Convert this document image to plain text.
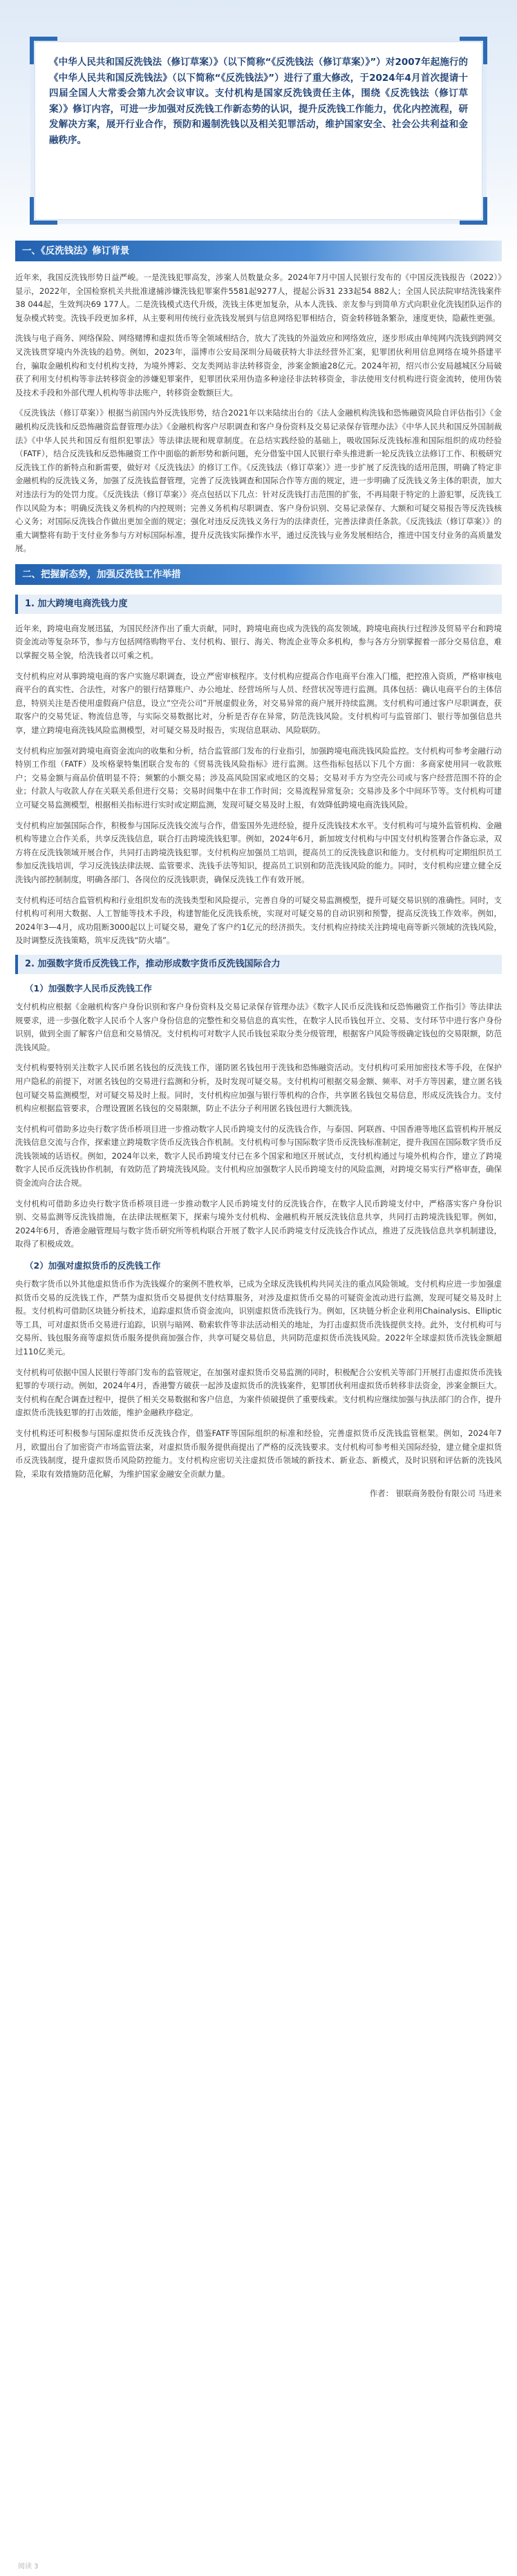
《中华人民共和国反洗钱法（修订草案）》（以下简称“《反洗钱法（修订草案）》”）对2007年起施行的《中华人民共和国反洗钱法》（以下简称“《反洗钱法》”）进行了重大修改，于2024年4月首次提请十四届全国人大常委会第九次会议审议。支付机构是国家反洗钱责任主体，围绕《反洗钱法（修订草案）》修订内容，可进一步加强对反洗钱工作新态势的认识，提升反洗钱工作能力，优化内控流程，研发解决方案，展开行业合作，预防和遏制洗钱以及相关犯罪活动，维护国家安全、社会公共利益和金融秩序。

一、《反洗钱法》修订背景

近年来，我国反洗钱形势日益严峻。一是洗钱犯罪高发，涉案人员数量众多。2024年7月中国人民银行发布的《中国反洗钱报告（2022）》显示，2022年，全国检察机关共批准逮捕涉嫌洗钱犯罪案件5581起9277人，提起公诉31 233起54 882人；全国人民法院审结洗钱案件38 044起，生效判决69 177人。二是洗钱模式迭代升级，洗钱主体更加复杂，从本人洗钱、亲友参与到简单方式向职业化洗钱团队运作的复杂模式转变。洗钱手段更加多样，从主要利用传统行业洗钱发展到与信息网络犯罪相结合，资金转移链条繁杂，速度更快，隐蔽性更强。

洗钱与电子商务、网络保险、网络赌博和虚拟货币等全领域相结合，放大了洗钱的外溢效应和网络效应，逐步形成由单纯网内洗钱到跨网交叉洗钱贯穿境内外洗钱的趋势。例如，2023年，淄博市公安局深圳分局破获特大非法经营外汇案，犯罪团伙利用信息网络在境外搭建平台，骗取金融机构和支付机构支持，为境外博彩、交友类网站非法转移资金，涉案金额逾28亿元。2024年初，绍兴市公安局越城区分局破获了利用支付机构等非法转移资金的涉嫌犯罪案件，犯罪团伙采用伪造多种途径非法转移资金，非法使用支付机构进行资金流转，使用伪装及技术手段和外部代理人机构等非法账户，转移资金数额巨大。

《反洗钱法（修订草案）》根据当前国内外反洗钱形势，结合2021年以来陆续出台的《法人金融机构洗钱和恐怖融资风险自评估指引》《金融机构反洗钱和反恐怖融资监督管理办法》《金融机构客户尽职调查和客户身份资料及交易记录保存管理办法》《中华人民共和国反外国制裁法》《中华人民共和国反有组织犯罪法》等法律法规和规章制度。在总结实践经验的基础上，吸收国际反洗钱标准和国际组织的成功经验（FATF），结合反洗钱和反恐怖融资工作中面临的新形势和新问题，充分借鉴中国人民银行牵头推进新一轮反洗钱立法修订工作、积极研究反洗钱工作的新特点和新需要，做好对《反洗钱法》的修订工作。《反洗钱法（修订草案）》进一步扩展了反洗钱的适用范围，明确了特定非金融机构的反洗钱义务，加强了反洗钱监督管理，完善了反洗钱调查和国际合作等方面的规定，进一步明确了反洗钱义务主体的职责，加大对违法行为的处罚力度。《反洗钱法（修订草案）》亮点包括以下几点：针对反洗钱打击范围的扩张，不再局限于特定的上游犯罪，反洗钱工作以风险为本；明确反洗钱义务机构的内控规则；完善义务机构尽职调查、客户身份识别、交易记录保存、大额和可疑交易报告等反洗钱核心义务；对国际反洗钱合作做出更加全面的规定；强化对违反反洗钱义务行为的法律责任，完善法律责任条款。《反洗钱法（修订草案）》的重大调整将有助于支付业务参与方对标国际标准，提升反洗钱实际操作水平，通过反洗钱与业务发展相结合，推进中国支付业务的高质量发展。

二、把握新态势，加强反洗钱工作举措
1. 加大跨境电商洗钱力度

近年来，跨境电商发展迅猛，为国民经济作出了重大贡献，同时，跨境电商也成为洗钱的高发领域。跨境电商执行过程涉及贸易平台和跨境资金流动等复杂环节，参与方包括网络购物平台、支付机构、银行、海关、物流企业等众多机构，参与各方分别掌握着一部分交易信息，难以掌握交易全貌，给洗钱者以可乘之机。

支付机构应对从事跨境电商的客户实施尽职调查，设立严密审核程序。支付机构应提高合作电商平台准入门槛，把控准入资质，严格审核电商平台的真实性、合法性，对客户的银行结算账户、办公地址、经营场所与人员、经营状况等进行监测。具体包括：确认电商平台的主体信息，特别关注是否使用虚假商户信息，设立“空壳公司”开展虚假业务，对交易异常的商户展开持续监测。支付机构可通过客户尽职调查，获取客户的交易凭证、物流信息等，与实际交易数据比对，分析是否存在异常，防范洗钱风险。支付机构可与监管部门、银行等加强信息共享，建立跨境电商洗钱风险监测模型，对可疑交易及时报告，实现信息联动、风险联防。

支付机构应加强对跨境电商资金流向的收集和分析，结合监管部门发布的行业指引，加强跨境电商洗钱风险监控。支付机构可参考金融行动特别工作组（FATF）及埃格蒙特集团联合发布的《贸易洗钱风险指标》进行监测。这些指标包括以下几个方面：多商家使用同一收款账户；交易金额与商品价值明显不符；频繁的小额交易；涉及高风险国家或地区的交易；交易对手方为空壳公司或与客户经营范围不符的企业；付款人与收款人存在关联关系但进行交易；交易时间集中在非工作时间；交易流程异常复杂；交易涉及多个中间环节等。支付机构可建立可疑交易监测模型，根据相关指标进行实时或定期监测，发现可疑交易及时上报，有效降低跨境电商洗钱风险。

支付机构应加强国际合作，积极参与国际反洗钱交流与合作，借鉴国外先进经验，提升反洗钱技术水平。支付机构可与境外监管机构、金融机构等建立合作关系，共享反洗钱信息，联合打击跨境洗钱犯罪。例如，2024年6月，新加坡支付机构与中国支付机构签署合作备忘录，双方将在反洗钱领域开展合作，共同打击跨境洗钱犯罪。支付机构应加强员工培训，提高员工的反洗钱意识和能力。支付机构可定期组织员工参加反洗钱培训，学习反洗钱法律法规、监管要求、洗钱手法等知识，提高员工识别和防范洗钱风险的能力。同时，支付机构应建立健全反洗钱内部控制制度，明确各部门、各岗位的反洗钱职责，确保反洗钱工作有效开展。

支付机构还可结合监管机构和行业组织发布的洗钱类型和风险提示，完善自身的可疑交易监测模型，提升可疑交易识别的准确性。同时，支付机构可利用大数据、人工智能等技术手段，构建智能化反洗钱系统，实现对可疑交易的自动识别和预警，提高反洗钱工作效率。例如，2024年3—4月，成功阻断3000起以上可疑交易，避免了客户约1亿元的经济损失。支付机构应持续关注跨境电商等新兴领域的洗钱风险，及时调整反洗钱策略，筑牢反洗钱“防火墙”。

2. 加强数字货币反洗钱工作，推动形成数字货币反洗钱国际合力
（1）加强数字人民币反洗钱工作

支付机构应根据《金融机构客户身份识别和客户身份资料及交易记录保存管理办法》《数字人民币反洗钱和反恐怖融资工作指引》等法律法规要求，进一步强化数字人民币个人客户身份信息的完整性和交易信息的真实性，在数字人民币钱包开立、交易、支付环节中进行客户身份识别，做到全面了解客户信息和交易情况。支付机构可对数字人民币钱包采取分类分级管理，根据客户风险等级确定钱包的交易限额，防范洗钱风险。

支付机构要特别关注数字人民币匿名钱包的反洗钱工作，谨防匿名钱包用于洗钱和恐怖融资活动。支付机构可采用加密技术等手段，在保护用户隐私的前提下，对匿名钱包的交易进行监测和分析，及时发现可疑交易。支付机构可根据交易金额、频率、对手方等因素，建立匿名钱包可疑交易监测模型，对可疑交易及时上报。同时，支付机构应加强与银行等机构的合作，共享匿名钱包交易信息，形成反洗钱合力。支付机构应根据监管要求，合理设置匿名钱包的交易限额，防止不法分子利用匿名钱包进行大额洗钱。

支付机构可借助多边央行数字货币桥项目进一步推动数字人民币跨境支付的反洗钱合作，与泰国、阿联酋、中国香港等地区监管机构开展反洗钱信息交流与合作，探索建立跨境数字货币反洗钱合作机制。支付机构可参与国际数字货币反洗钱标准制定，提升我国在国际数字货币反洗钱领域的话语权。例如，2024年以来，数字人民币跨境支付已在多个国家和地区开展试点，支付机构通过与境外机构合作，建立了跨境数字人民币反洗钱协作机制，有效防范了跨境洗钱风险。支付机构应加强数字人民币跨境支付的风险监测，对跨境交易实行严格审查，确保资金流向合法合规。

支付机构可借助多边央行数字货币桥项目进一步推动数字人民币跨境支付的反洗钱合作，在数字人民币跨境支付中，严格落实客户身份识别、交易监测等反洗钱措施，在法律法规框架下，探索与境外支付机构、金融机构开展反洗钱信息共享，共同打击跨境洗钱犯罪。例如，2024年6月，香港金融管理局与数字货币研究所等机构联合开展了数字人民币跨境支付反洗钱合作试点，推进了反洗钱信息共享机制建设，取得了积极成效。

（2）加强对虚拟货币的反洗钱工作

央行数字货币以外其他虚拟货币作为洗钱媒介的案例不胜枚举，已成为全球反洗钱机构共同关注的重点风险领域。支付机构应进一步加强虚拟货币交易的反洗钱工作，严禁为虚拟货币交易提供支付结算服务，对涉及虚拟货币交易的可疑资金流动进行监测，发现可疑交易及时上报。支付机构可借助区块链分析技术，追踪虚拟货币资金流向，识别虚拟货币洗钱行为。例如，区块链分析企业利用Chainalysis、Elliptic等工具，可对虚拟货币交易进行追踪，识别与暗网、勒索软件等非法活动相关的地址，为打击虚拟货币洗钱提供支持。此外，支付机构可与交易所、钱包服务商等虚拟货币服务提供商加强合作，共享可疑交易信息，共同防范虚拟货币洗钱风险。2022年全球虚拟货币洗钱金额超过110亿美元。

支付机构可依据中国人民银行等部门发布的监管规定，在加强对虚拟货币交易监测的同时，积极配合公安机关等部门开展打击虚拟货币洗钱犯罪的专项行动。例如，2024年4月，香港警方破获一起涉及虚拟货币的洗钱案件，犯罪团伙利用虚拟货币转移非法资金，涉案金额巨大。支付机构在配合调查过程中，提供了相关交易数据和客户信息，为案件侦破提供了重要线索。支付机构应继续加强与执法部门的合作，提升虚拟货币洗钱犯罪的打击效能，维护金融秩序稳定。

支付机构还可积极参与国际虚拟货币反洗钱合作，借鉴FATF等国际组织的标准和经验，完善虚拟货币反洗钱监管框架。例如，2024年7月，欧盟出台了加密资产市场监管法案，对虚拟货币服务提供商提出了严格的反洗钱要求。支付机构可参考相关国际经验，建立健全虚拟货币反洗钱制度，提升虚拟货币风险防控能力。支付机构应密切关注虚拟货币领域的新技术、新业态、新模式，及时识别和评估新的洗钱风险，采取有效措施防范化解，为维护国家金融安全贡献力量。

作者： 银联商务股份有限公司 马进来
阅读 3
